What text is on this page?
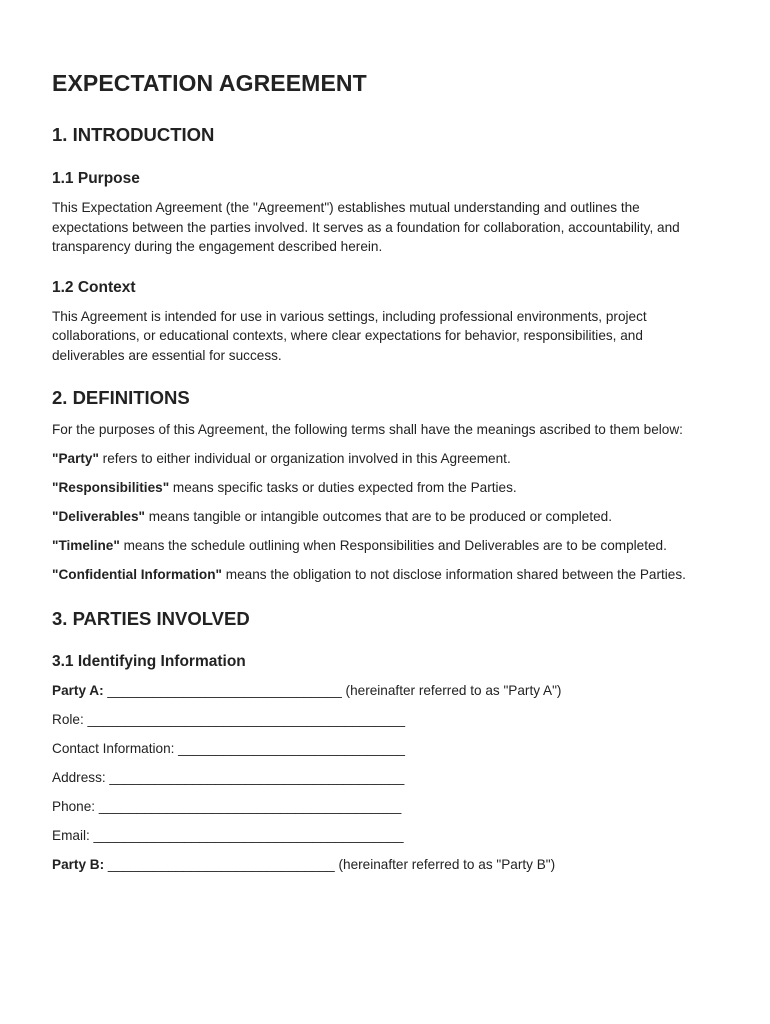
EXPECTATION AGREEMENT
1. INTRODUCTION
1.1 Purpose

This Expectation Agreement (the "Agreement") establishes mutual understanding and outlines the expectations between the parties involved. It serves as a foundation for collaboration, accountability, and transparency during the engagement described herein.

1.2 Context

This Agreement is intended for use in various settings, including professional environments, project collaborations, or educational contexts, where clear expectations for behavior, responsibilities, and deliverables are essential for success.

2. DEFINITIONS

For the purposes of this Agreement, the following terms shall have the meanings ascribed to them below:

"Party" refers to either individual or organization involved in this Agreement.

"Responsibilities" means specific tasks or duties expected from the Parties.

"Deliverables" means tangible or intangible outcomes that are to be produced or completed.

"Timeline" means the schedule outlining when Responsibilities and Deliverables are to be completed.

"Confidential Information" means the obligation to not disclose information shared between the Parties.

3. PARTIES INVOLVED
3.1 Identifying Information

Party A: _______________________________ (hereinafter referred to as "Party A")

Role: __________________________________________

Contact Information: ______________________________

Address: _______________________________________

Phone: ________________________________________

Email: _________________________________________

Party B: ______________________________ (hereinafter referred to as "Party B")
